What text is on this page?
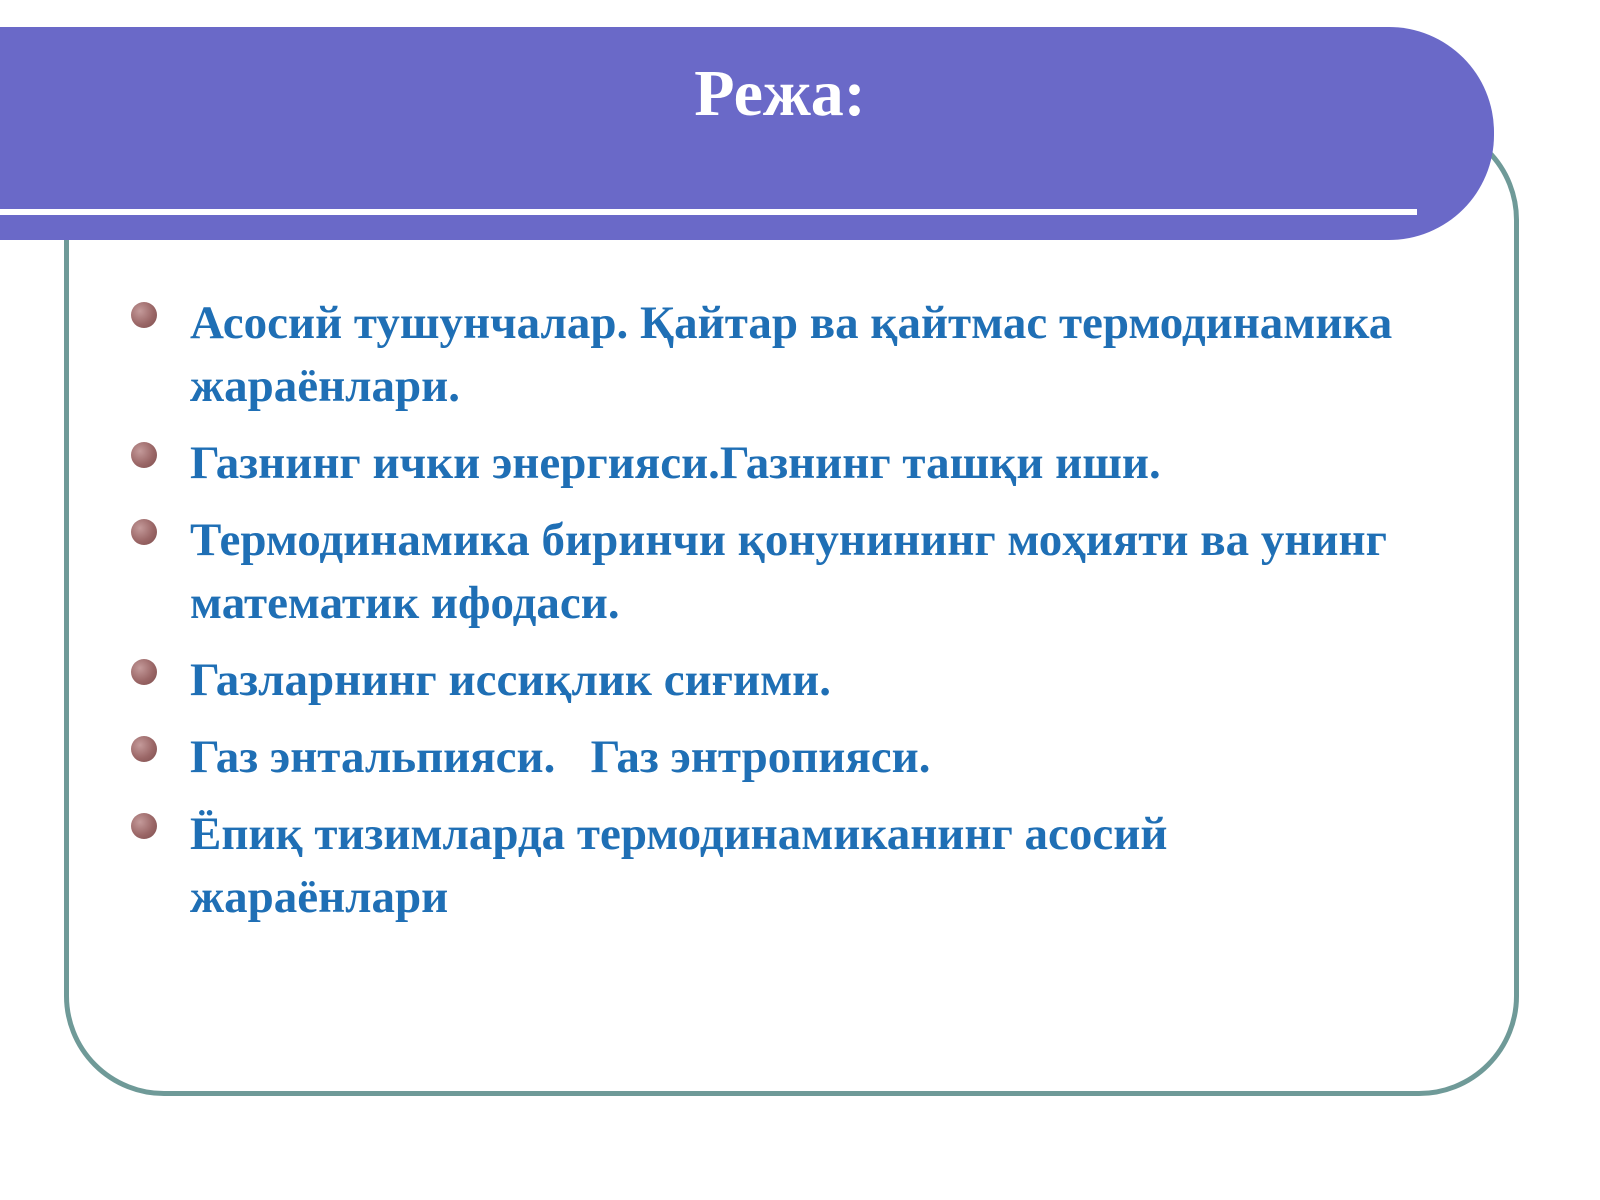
Режа:
Асосий тушунчалар. Қайтар ва қайтмас термодинамика жараёнлари.
Газнинг ички энергияси.Газнинг ташқи иши.
Термодинамика биринчи қонунининг моҳияти ва унинг математик ифодаси.
Газларнинг иссиқлик сиғими.
Газ энтальпияси.   Газ энтропияси.
Ёпиқ тизимларда термодинамиканинг асосий жараёнлари
